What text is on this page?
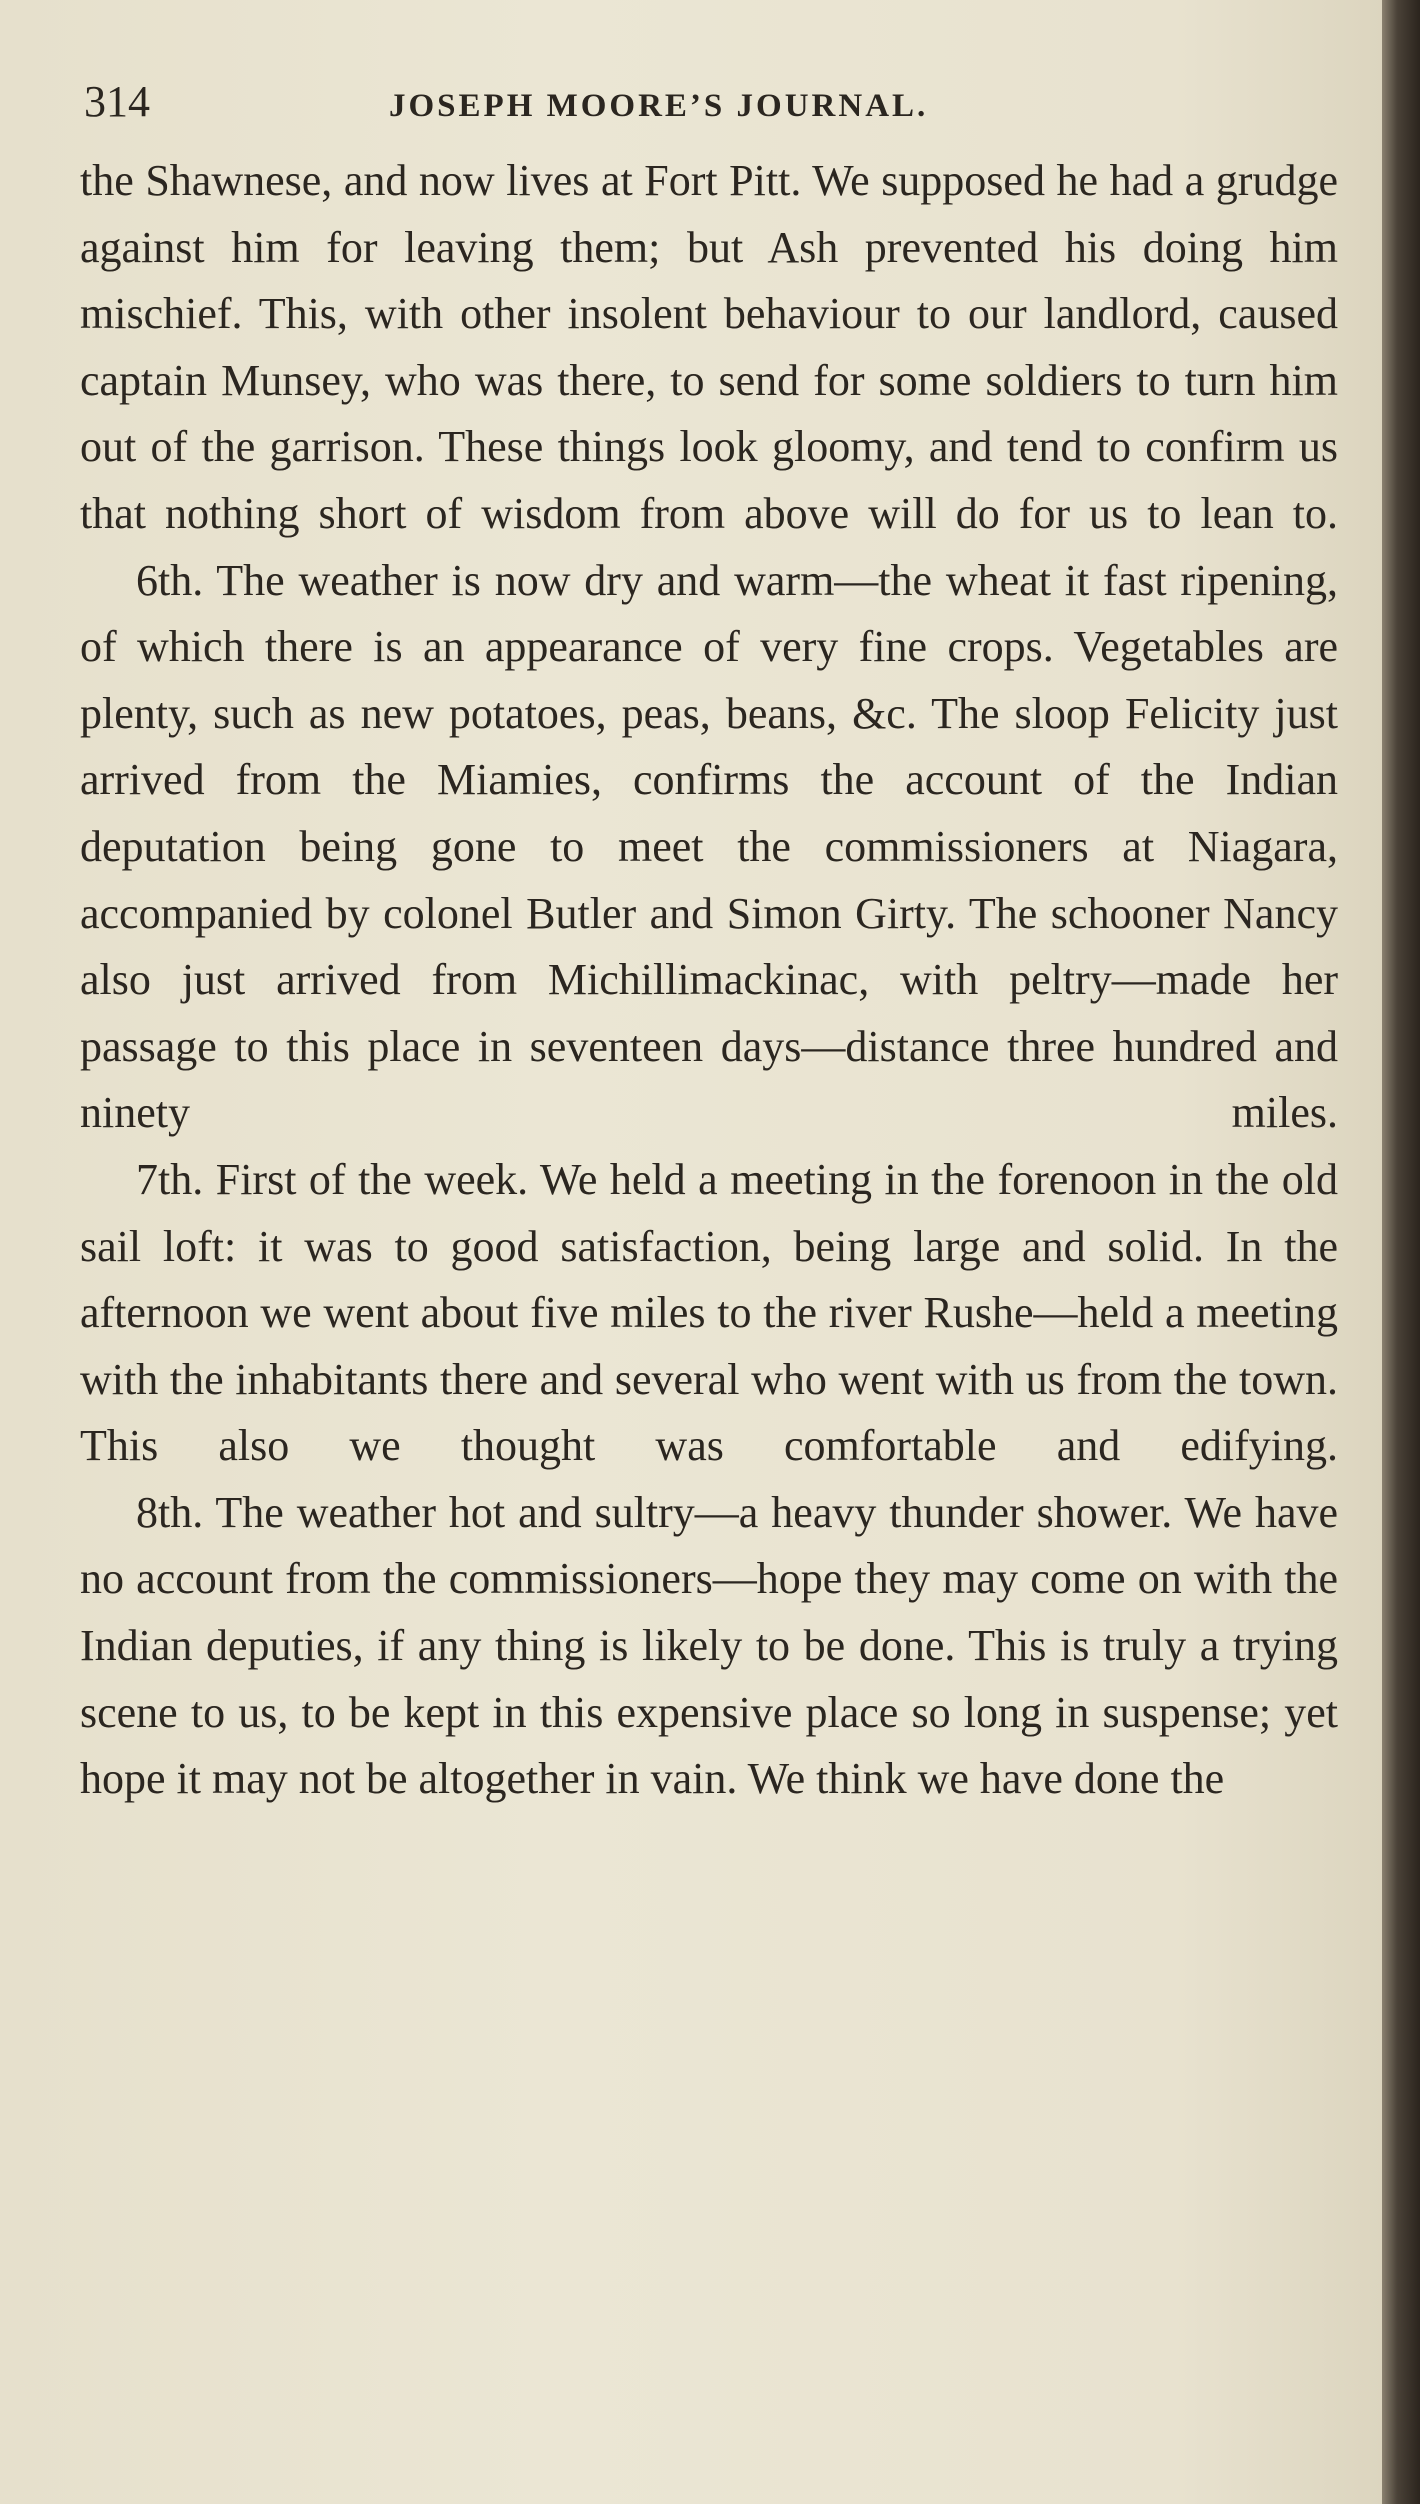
314	JOSEPH MOORE’S JOURNAL.

the Shawnese, and now lives at Fort Pitt. We supposed he had a grudge against him for leaving them; but Ash prevented his doing him mischief. This, with other insolent behaviour to our landlord, caused captain Munsey, who was there, to send for some soldiers to turn him out of the garrison. These things look gloomy, and tend to confirm us that nothing short of wisdom from above will do for us to lean to.

6th. The weather is now dry and warm—the wheat it fast ripening, of which there is an appearance of very fine crops. Vegetables are plenty, such as new potatoes, peas, beans, &c. The sloop Felicity just arrived from the Miamies, confirms the account of the Indian deputation being gone to meet the commissioners at Niagara, accompanied by colonel Butler and Simon Girty. The schooner Nancy also just arrived from Michillimackinac, with peltry—made her passage to this place in seventeen days—distance three hundred and ninety miles.

7th. First of the week. We held a meeting in the forenoon in the old sail loft: it was to good satisfaction, being large and solid. In the afternoon we went about five miles to the river Rushe—held a meeting with the inhabitants there and several who went with us from the town. This also we thought was comfortable and edifying.

8th. The weather hot and sultry—a heavy thunder shower. We have no account from the commissioners—hope they may come on with the Indian deputies, if any thing is likely to be done. This is truly a trying scene to us, to be kept in this expensive place so long in suspense; yet hope it may not be altogether in vain. We think we have done the
